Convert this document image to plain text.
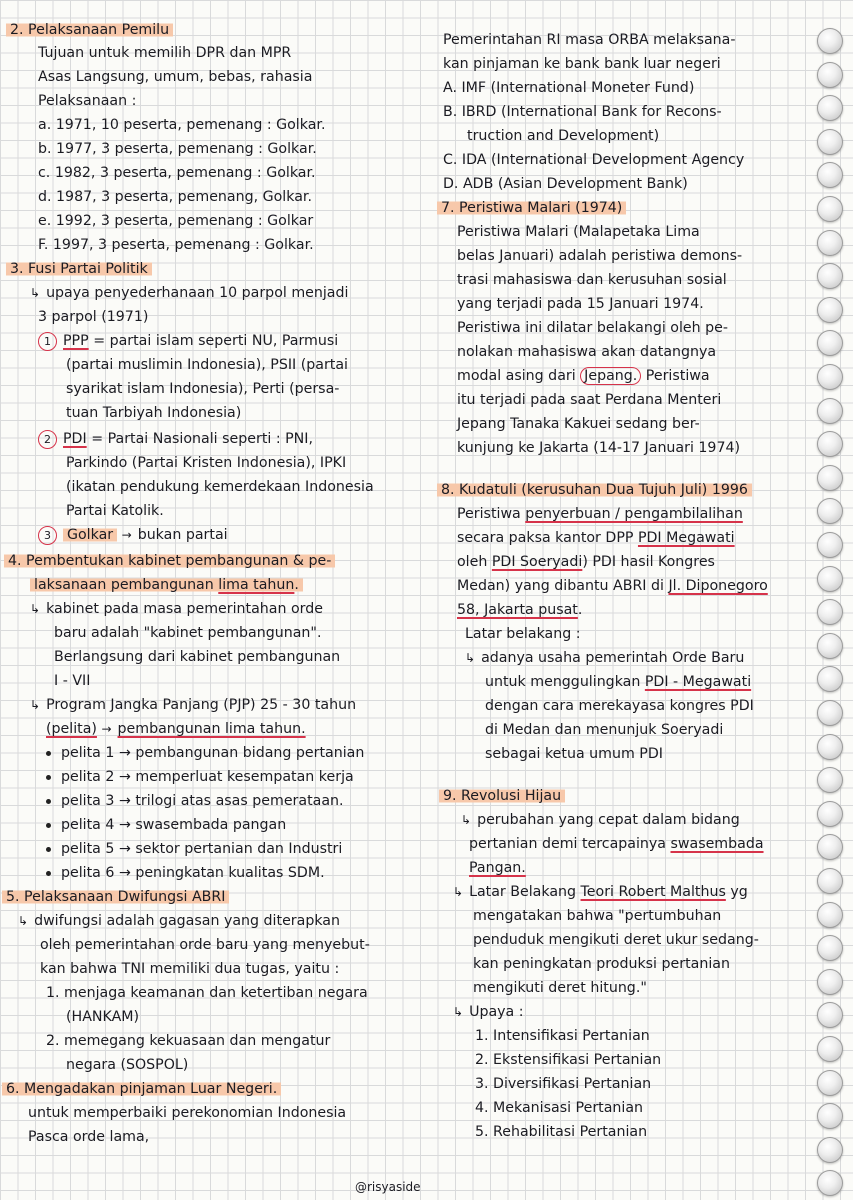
2. Pelaksanaan Pemilu
Tujuan untuk memilih DPR dan MPR
Asas Langsung, umum, bebas, rahasia
Pelaksanaan :
a. 1971, 10 peserta, pemenang : Golkar.
b. 1977, 3 peserta, pemenang : Golkar.
c. 1982, 3 peserta, pemenang : Golkar.
d. 1987, 3 peserta, pemenang, Golkar.
e. 1992, 3 peserta, pemenang : Golkar
F. 1997, 3 peserta, pemenang : Golkar.
3. Fusi Partai Politik
↳ upaya penyederhanaan 10 parpol menjadi
3 parpol (1971)
1 PPP = partai islam seperti NU, Parmusi
(partai muslimin Indonesia), PSII (partai
syarikat islam Indonesia), Perti (persa-
tuan Tarbiyah Indonesia)
2 PDI = Partai Nasionali seperti : PNI,
Parkindo (Partai Kristen Indonesia), IPKI
(ikatan pendukung kemerdekaan Indonesia
Partai Katolik.
3 Golkar → bukan partai
4. Pembentukan kabinet pembangunan & pe-
laksanaan pembangunan lima tahun.
↳ kabinet pada masa pemerintahan orde
baru adalah "kabinet pembangunan".
Berlangsung dari kabinet pembangunan
I - VII
↳ Program Jangka Panjang (PJP) 25 - 30 tahun
(pelita) → pembangunan lima tahun.
pelita 1 → pembangunan bidang pertanian
pelita 2 → memperluat kesempatan kerja
pelita 3 → trilogi atas asas pemerataan.
pelita 4 → swasembada pangan
pelita 5 → sektor pertanian dan Industri
pelita 6 → peningkatan kualitas SDM.
5. Pelaksanaan Dwifungsi ABRI
↳ dwifungsi adalah gagasan yang diterapkan
oleh pemerintahan orde baru yang menyebut-
kan bahwa TNI memiliki dua tugas, yaitu :
1. menjaga keamanan dan ketertiban negara
(HANKAM)
2. memegang kekuasaan dan mengatur
negara (SOSPOL)
6. Mengadakan pinjaman Luar Negeri.
untuk memperbaiki perekonomian Indonesia
Pasca orde lama,
Pemerintahan RI masa ORBA melaksana-
kan pinjaman ke bank bank luar negeri
A. IMF (International Moneter Fund)
B. IBRD (International Bank for Recons-
truction and Development)
C. IDA (International Development Agency
D. ADB (Asian Development Bank)
7. Peristiwa Malari (1974)
Peristiwa Malari (Malapetaka Lima
belas Januari) adalah peristiwa demons-
trasi mahasiswa dan kerusuhan sosial
yang terjadi pada 15 Januari 1974.
Peristiwa ini dilatar belakangi oleh pe-
nolakan mahasiswa akan datangnya
modal asing dari Jepang. Peristiwa
itu terjadi pada saat Perdana Menteri
Jepang Tanaka Kakuei sedang ber-
kunjung ke Jakarta (14-17 Januari 1974)
8. Kudatuli (kerusuhan Dua Tujuh Juli) 1996
Peristiwa penyerbuan / pengambilalihan
secara paksa kantor DPP PDI Megawati
oleh PDI Soeryadi) PDI hasil Kongres
Medan) yang dibantu ABRI di Jl. Diponegoro
58, Jakarta pusat.
Latar belakang :
↳ adanya usaha pemerintah Orde Baru
untuk menggulingkan PDI - Megawati
dengan cara merekayasa kongres PDI
di Medan dan menunjuk Soeryadi
sebagai ketua umum PDI
9. Revolusi Hijau
↳ perubahan yang cepat dalam bidang
pertanian demi tercapainya swasembada
Pangan.
↳ Latar Belakang Teori Robert Malthus yg
mengatakan bahwa "pertumbuhan
penduduk mengikuti deret ukur sedang-
kan peningkatan produksi pertanian
mengikuti deret hitung."
↳ Upaya :
1. Intensifikasi Pertanian
2. Ekstensifikasi Pertanian
3. Diversifikasi Pertanian
4. Mekanisasi Pertanian
5. Rehabilitasi Pertanian
@risyaside
